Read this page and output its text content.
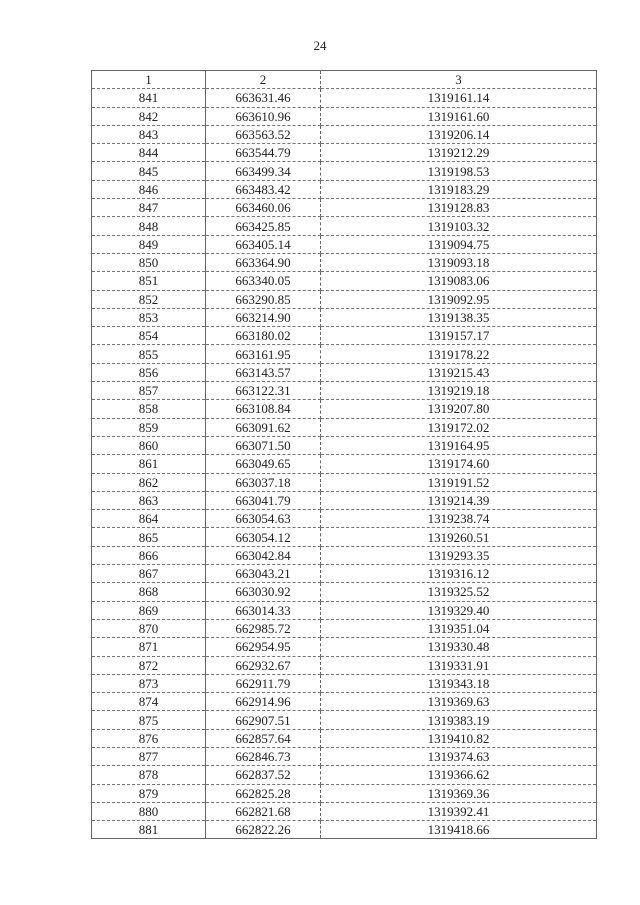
24
1	2	3
841	663631.46	1319161.14
842	663610.96	1319161.60
843	663563.52	1319206.14
844	663544.79	1319212.29
845	663499.34	1319198.53
846	663483.42	1319183.29
847	663460.06	1319128.83
848	663425.85	1319103.32
849	663405.14	1319094.75
850	663364.90	1319093.18
851	663340.05	1319083.06
852	663290.85	1319092.95
853	663214.90	1319138.35
854	663180.02	1319157.17
855	663161.95	1319178.22
856	663143.57	1319215.43
857	663122.31	1319219.18
858	663108.84	1319207.80
859	663091.62	1319172.02
860	663071.50	1319164.95
861	663049.65	1319174.60
862	663037.18	1319191.52
863	663041.79	1319214.39
864	663054.63	1319238.74
865	663054.12	1319260.51
866	663042.84	1319293.35
867	663043.21	1319316.12
868	663030.92	1319325.52
869	663014.33	1319329.40
870	662985.72	1319351.04
871	662954.95	1319330.48
872	662932.67	1319331.91
873	662911.79	1319343.18
874	662914.96	1319369.63
875	662907.51	1319383.19
876	662857.64	1319410.82
877	662846.73	1319374.63
878	662837.52	1319366.62
879	662825.28	1319369.36
880	662821.68	1319392.41
881	662822.26	1319418.66
